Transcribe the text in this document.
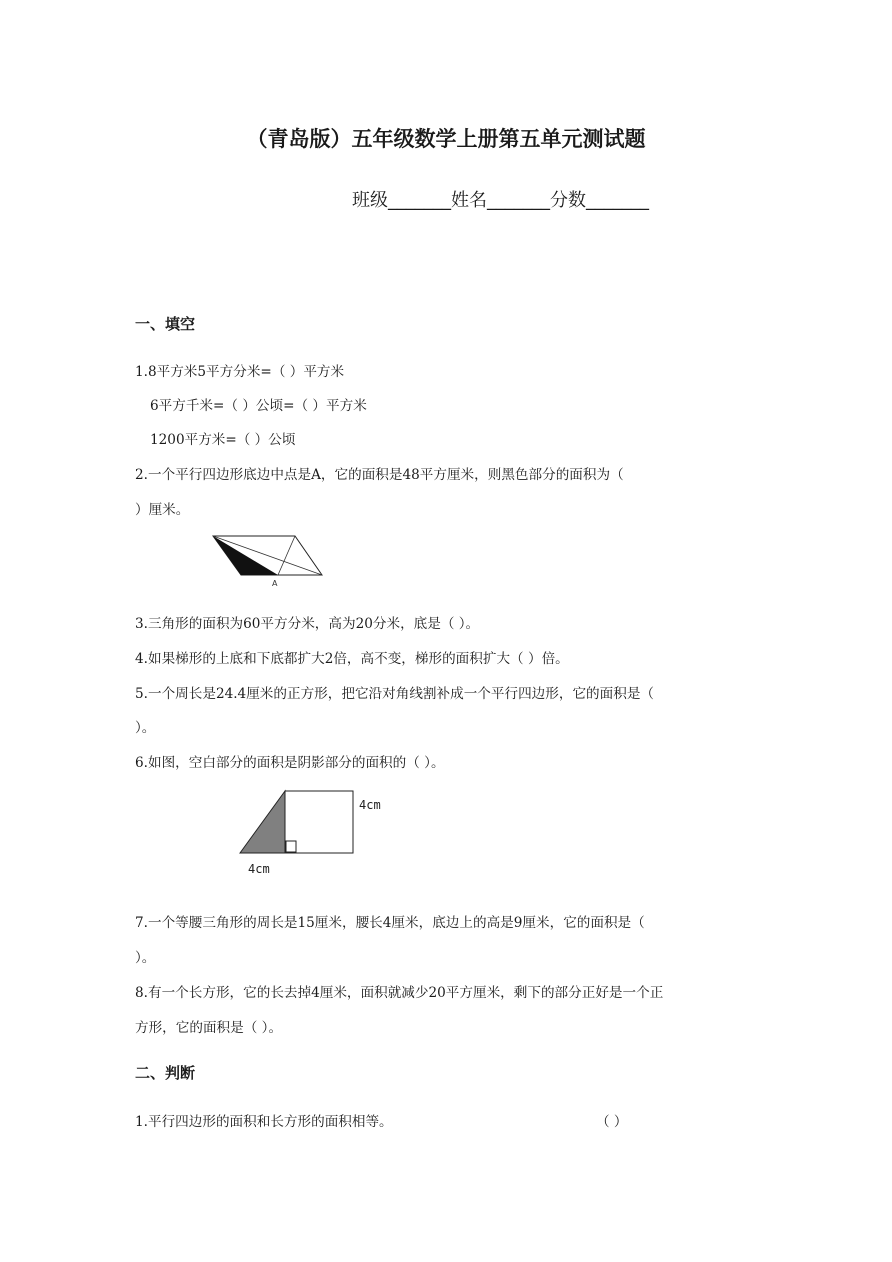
（青岛版）五年级数学上册第五单元测试题
班级_______姓名_______分数_______
一、填空
1.8平方米5平方分米=（ ）平方米
6平方千米=（ ）公顷=（ ）平方米
1200平方米=（ ）公顷
2.一个平行四边形底边中点是A，它的面积是48平方厘米，则黑色部分的面积为（
）厘米。
A
3.三角形的面积为60平方分米，高为20分米，底是（ ）。
4.如果梯形的上底和下底都扩大2倍，高不变，梯形的面积扩大（ ）倍。
5.一个周长是24.4厘米的正方形，把它沿对角线割补成一个平行四边形，它的面积是（
）。
6.如图，空白部分的面积是阴影部分的面积的（ ）。
4cm
4cm
7.一个等腰三角形的周长是15厘米，腰长4厘米，底边上的高是9厘米，它的面积是（
）。
8.有一个长方形，它的长去掉4厘米，面积就减少20平方厘米，剩下的部分正好是一个正
方形，它的面积是（ ）。
二、判断
1.平行四边形的面积和长方形的面积相等。	（ ）
